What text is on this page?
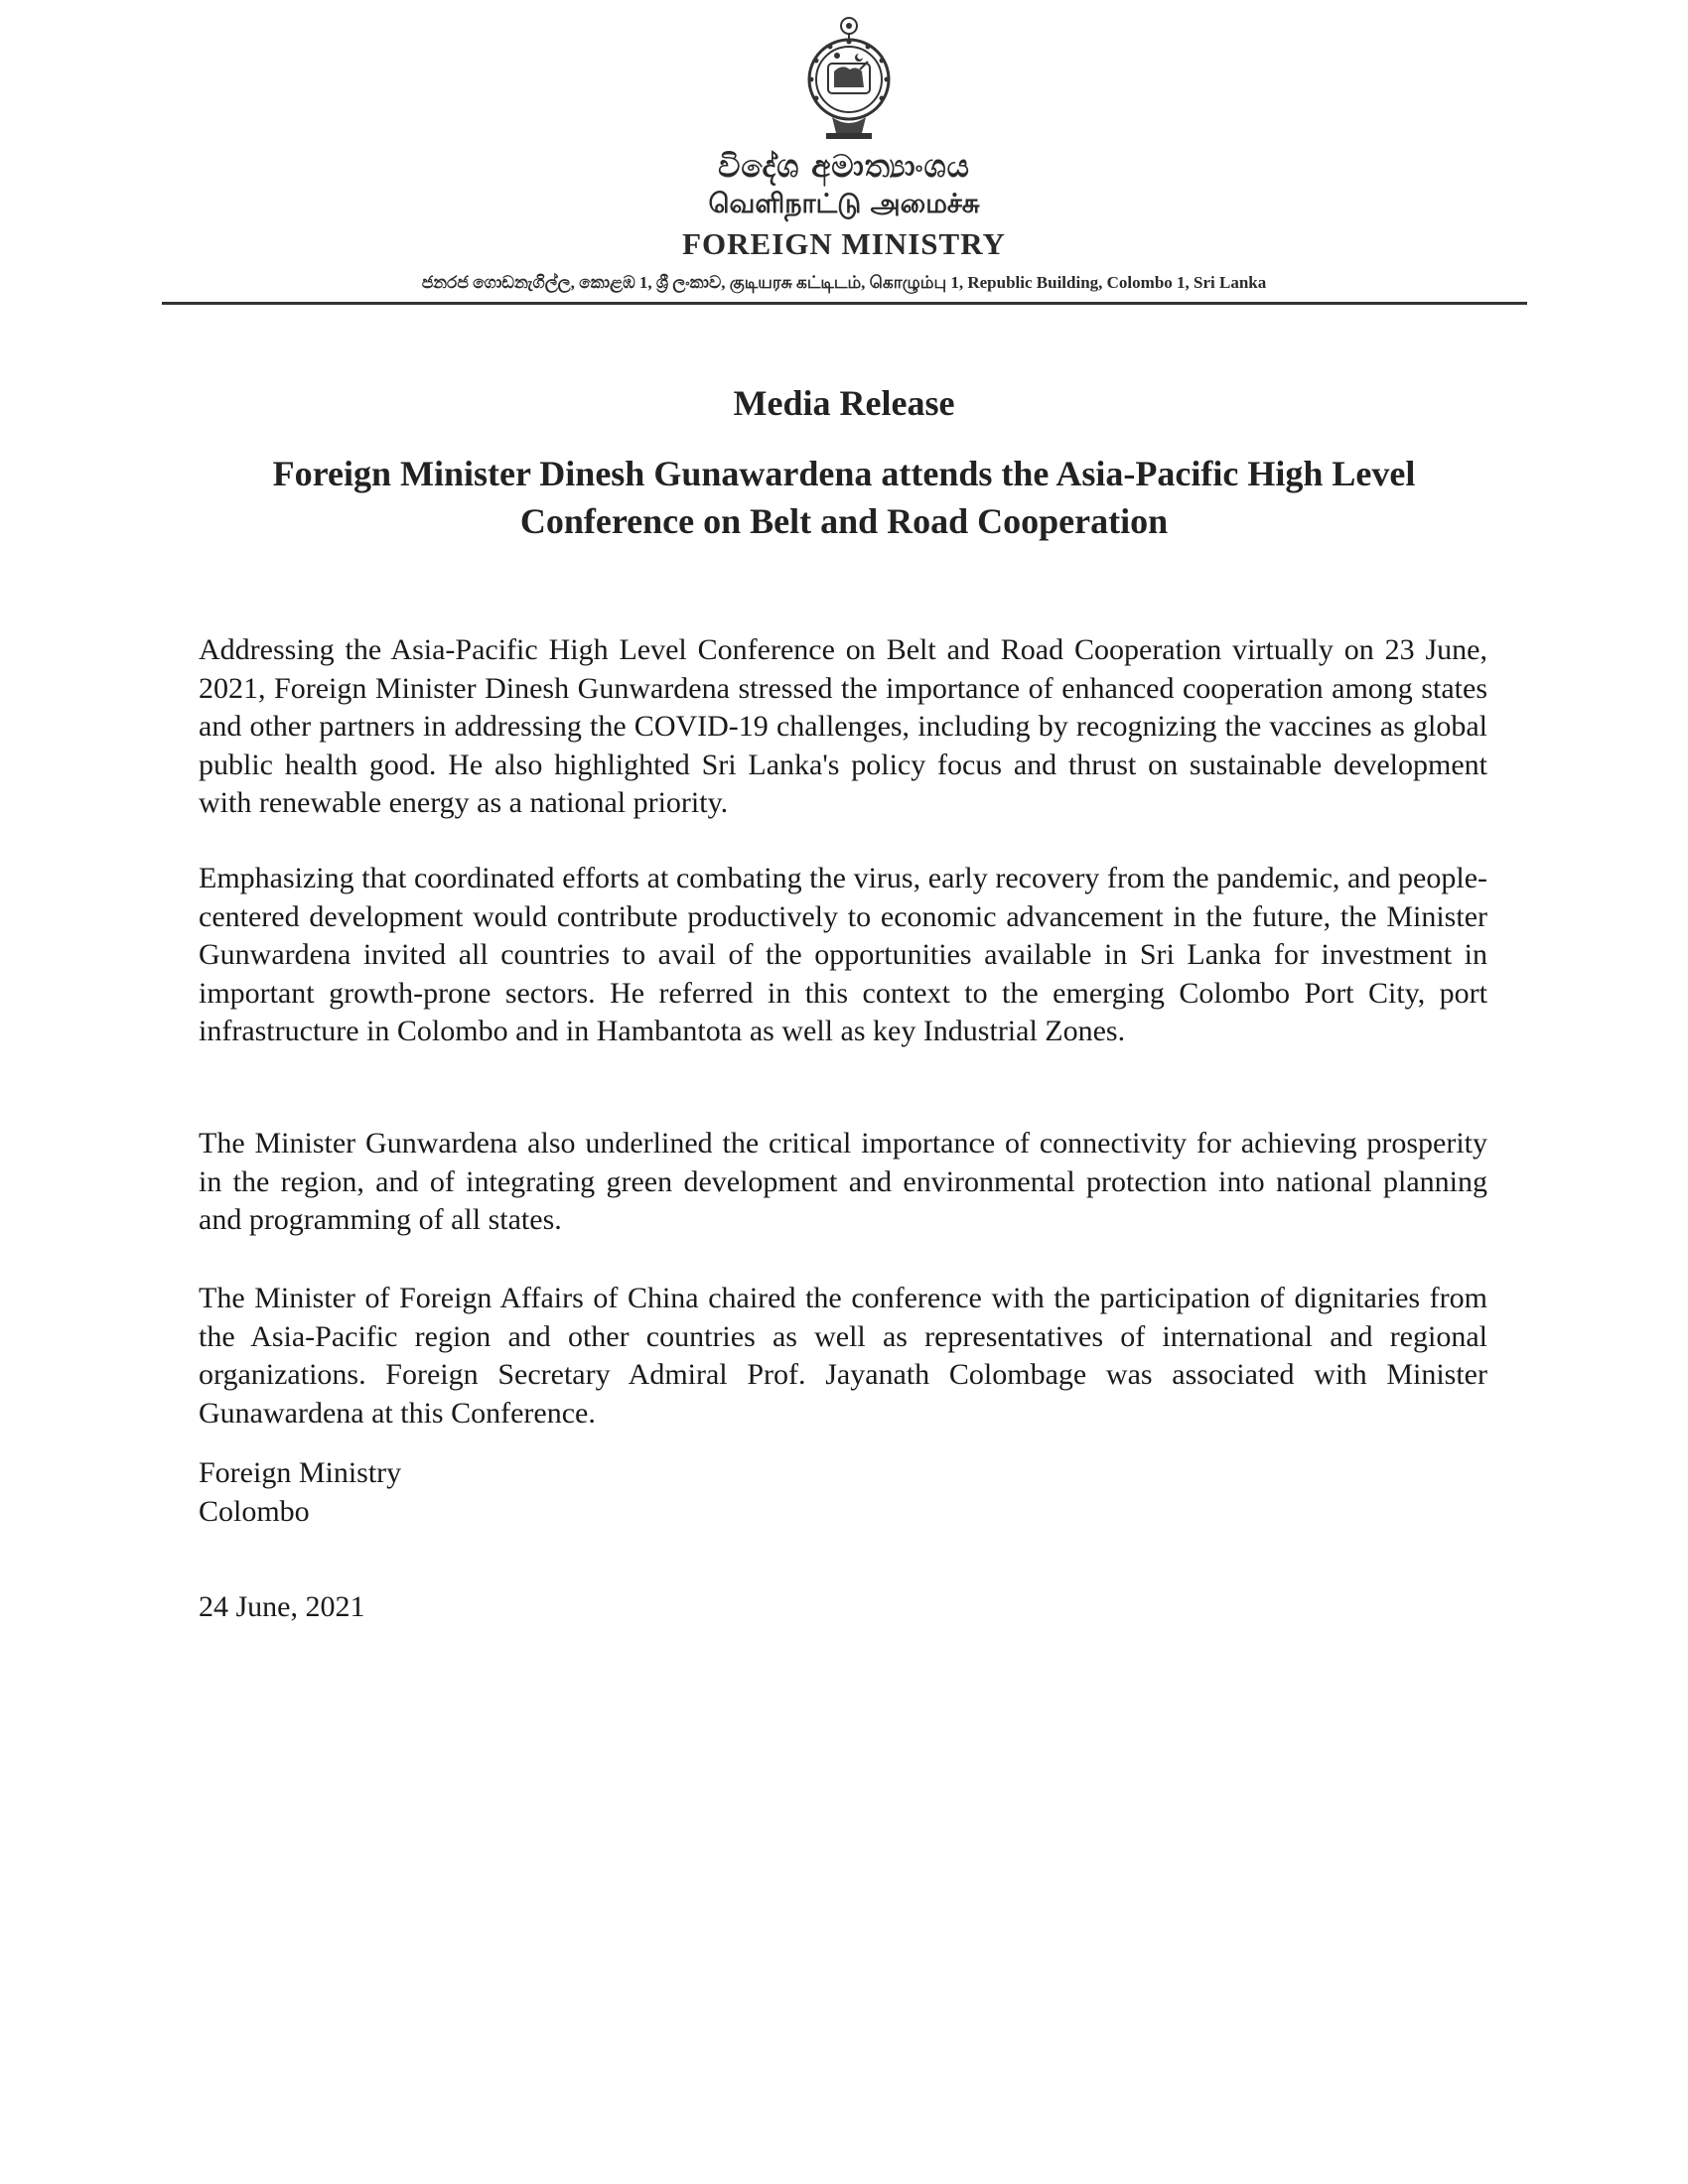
විදේශ අමාත්‍යාංශය
வெளிநாட்டு அமைச்சு
FOREIGN MINISTRY
ජනරජ ගොඩනැගිල්ල, කොළඹ 1, ශ්‍රී ලංකාව, குடியரசு கட்டிடம், கொழும்பு 1, Republic Building, Colombo 1, Sri Lanka
Media Release
Foreign Minister Dinesh Gunawardena attends the Asia-Pacific High Level Conference on Belt and Road Cooperation
Addressing the Asia-Pacific High Level Conference on Belt and Road Cooperation virtually on 23 June, 2021, Foreign Minister Dinesh Gunwardena stressed the importance of enhanced cooperation among states and other partners in addressing the COVID-19 challenges, including by recognizing the vaccines as global public health good. He also highlighted Sri Lanka's policy focus and thrust on sustainable development with renewable energy as a national priority.
Emphasizing that coordinated efforts at combating the virus, early recovery from the pandemic, and people-centered development would contribute productively to economic advancement in the future, the Minister Gunwardena invited all countries to avail of the opportunities available in Sri Lanka for investment in important growth-prone sectors. He referred in this context to the emerging Colombo Port City, port infrastructure in Colombo and in Hambantota as well as key Industrial Zones.
The Minister Gunwardena also underlined the critical importance of connectivity for achieving prosperity in the region, and of integrating green development and environmental protection into national planning and programming of all states.
The Minister of Foreign Affairs of China chaired the conference with the participation of dignitaries from the Asia-Pacific region and other countries as well as representatives of international and regional organizations. Foreign Secretary Admiral Prof. Jayanath Colombage was associated with Minister Gunawardena at this Conference.
Foreign Ministry
Colombo
24 June, 2021
